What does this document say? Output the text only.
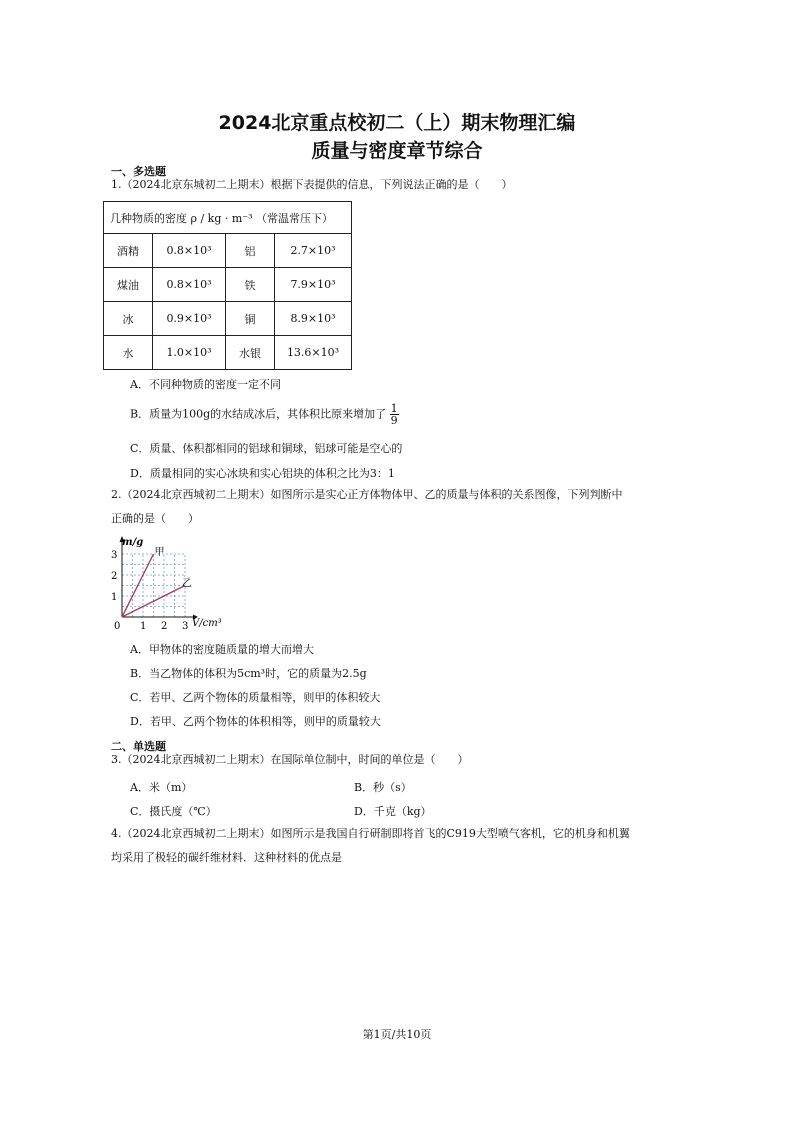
2024北京重点校初二（上）期末物理汇编
质量与密度章节综合
一、多选题
1.（2024北京东城初二上期末）根据下表提供的信息，下列说法正确的是（　　）
几种物质的密度 ρ / kg · m⁻³ （常温常压下）			
酒精	0.8×10³	铝	2.7×10³
煤油	0.8×10³	铁	7.9×10³
冰	0.9×10³	铜	8.9×10³
水	1.0×10³	水银	13.6×10³
A．不同种物质的密度一定不同
B．质量为100g的水结成冰后，其体积比原来增加了 $\frac{1}{9}$
C．质量、体积都相同的铝球和铜球，铝球可能是空心的
D．质量相同的实心冰块和实心铝块的体积之比为3：1
2.（2024北京西城初二上期末）如图所示是实心正方体物体甲、乙的质量与体积的关系图像，下列判断中
正确的是（　　）
0 1 2 3
1
2
3	甲
乙
m/g
V/cm³
A．甲物体的密度随质量的增大而增大
B．当乙物体的体积为5cm³时，它的质量为2.5g
C．若甲、乙两个物体的质量相等，则甲的体积较大
D．若甲、乙两个物体的体积相等，则甲的质量较大
二、单选题
3.（2024北京西城初二上期末）在国际单位制中，时间的单位是（　　）
A．米（m）	B．秒（s）
C．摄氏度（℃）	D．千克（kg）
4.（2024北京西城初二上期末）如图所示是我国自行研制即将首飞的C919大型喷气客机，它的机身和机翼
均采用了极轻的碳纤维材料．这种材料的优点是
第1页/共10页
